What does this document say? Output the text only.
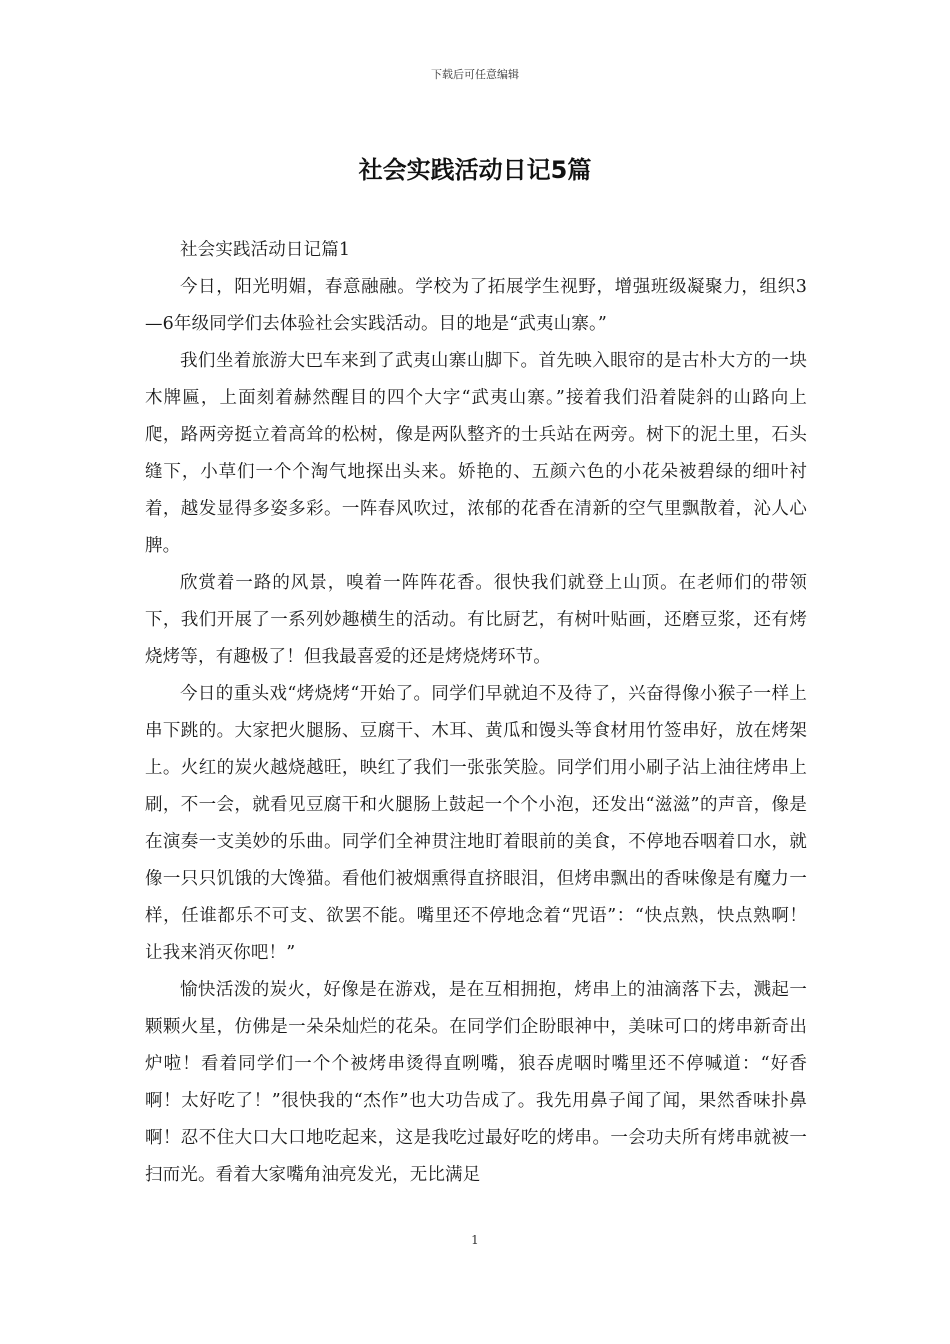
下载后可任意编辑
社会实践活动日记5篇

社会实践活动日记篇1

今日，阳光明媚，春意融融。学校为了拓展学生视野，增强班级凝聚力，组织3—6年级同学们去体验社会实践活动。目的地是“武夷山寨。”

我们坐着旅游大巴车来到了武夷山寨山脚下。首先映入眼帘的是古朴大方的一块木牌匾，上面刻着赫然醒目的四个大字“武夷山寨。”接着我们沿着陡斜的山路向上爬，路两旁挺立着高耸的松树，像是两队整齐的士兵站在两旁。树下的泥土里，石头缝下，小草们一个个淘气地探出头来。娇艳的、五颜六色的小花朵被碧绿的细叶衬着，越发显得多姿多彩。一阵春风吹过，浓郁的花香在清新的空气里飘散着，沁人心脾。

欣赏着一路的风景，嗅着一阵阵花香。很快我们就登上山顶。在老师们的带领下，我们开展了一系列妙趣横生的活动。有比厨艺，有树叶贴画，还磨豆浆，还有烤烧烤等，有趣极了！但我最喜爱的还是烤烧烤环节。

今日的重头戏“烤烧烤“开始了。同学们早就迫不及待了，兴奋得像小猴子一样上串下跳的。大家把火腿肠、豆腐干、木耳、黄瓜和馒头等食材用竹签串好，放在烤架上。火红的炭火越烧越旺，映红了我们一张张笑脸。同学们用小刷子沾上油往烤串上刷，不一会，就看见豆腐干和火腿肠上鼓起一个个小泡，还发出“滋滋”的声音，像是在演奏一支美妙的乐曲。同学们全神贯注地盯着眼前的美食，不停地吞咽着口水，就像一只只饥饿的大馋猫。看他们被烟熏得直挤眼泪，但烤串飘出的香味像是有魔力一样，任谁都乐不可支、欲罢不能。嘴里还不停地念着“咒语”：“快点熟，快点熟啊！让我来消灭你吧！”

愉快活泼的炭火，好像是在游戏，是在互相拥抱，烤串上的油滴落下去，溅起一颗颗火星，仿佛是一朵朵灿烂的花朵。在同学们企盼眼神中，美味可口的烤串新奇出炉啦！看着同学们一个个被烤串烫得直咧嘴，狼吞虎咽时嘴里还不停喊道：“好香啊！太好吃了！”很快我的“杰作”也大功告成了。我先用鼻子闻了闻，果然香味扑鼻啊！忍不住大口大口地吃起来，这是我吃过最好吃的烤串。一会功夫所有烤串就被一扫而光。看着大家嘴角油亮发光，无比满足

1
